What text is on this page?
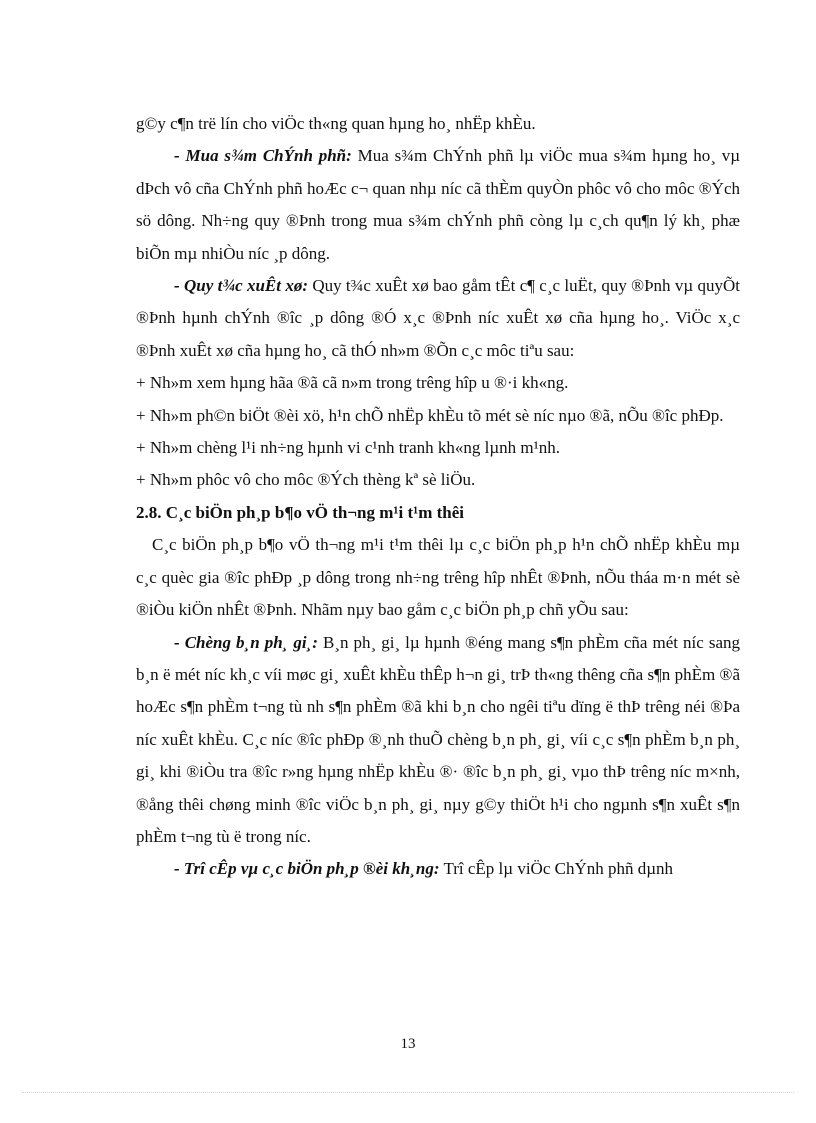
g©y c¶n trë lín cho viÖc th«ng quan hµng ho¸ nhËp khÈu.

- Mua s¾m ChÝnh phñ: Mua s¾m ChÝnh phñ lµ viÖc mua s¾m hµng ho¸ vµ dÞch vô cña ChÝnh phñ hoÆc c¬ quan nhµ níc cã thÈm quyÒn phôc vô cho môc ®Ých sö dông. Nh÷ng quy ®Þnh trong mua s¾m chÝnh phñ còng lµ c¸ch qu¶n lý kh¸ phæ biÕn mµ nhiÒu níc ¸p dông.

- Quy t¾c xuÊt xø: Quy t¾c xuÊt xø bao gåm tÊt c¶ c¸c luËt, quy ®Þnh vµ quyÕt ®Þnh hµnh chÝnh ®îc ¸p dông ®Ó x¸c ®Þnh níc xuÊt xø cña hµng ho¸. ViÖc x¸c ®Þnh xuÊt xø cña hµng ho¸ cã thÓ nh»m ®Õn c¸c môc tiªu sau:

+ Nh»m xem hµng hãa ®ã cã n»m trong trêng hîp u ®·i kh«ng.

+ Nh»m ph©n biÖt ®èi xö, h¹n chÕ nhËp khÈu tõ mét sè níc nµo ®ã, nÕu ®îc phÐp.

+ Nh»m chèng l¹i nh÷ng hµnh vi c¹nh tranh kh«ng lµnh m¹nh.

+ Nh»m phôc vô cho môc ®Ých thèng kª sè liÖu.

2.8. C¸c biÖn ph¸p b¶o vÖ th¬ng m¹i t¹m thêi

C¸c biÖn ph¸p b¶o vÖ th¬ng m¹i t¹m thêi lµ c¸c biÖn ph¸p h¹n chÕ nhËp khÈu mµ c¸c quèc gia ®îc phÐp ¸p dông trong nh÷ng trêng hîp nhÊt ®Þnh, nÕu tháa m·n mét sè ®iÒu kiÖn nhÊt ®Þnh. Nhãm nµy bao gåm c¸c biÖn ph¸p chñ yÕu sau:

- Chèng b¸n ph¸ gi¸: B¸n ph¸ gi¸ lµ hµnh ®éng mang s¶n phÈm cña mét níc sang b¸n ë mét níc kh¸c víi møc gi¸ xuÊt khÈu thÊp h¬n gi¸ trÞ th«ng thêng cña s¶n phÈm ®ã hoÆc s¶n phÈm t¬ng tù nh s¶n phÈm ®ã khi b¸n cho ngêi tiªu dïng ë thÞ trêng néi ®Þa níc xuÊt khÈu. C¸c níc ®îc phÐp ®¸nh thuÕ chèng b¸n ph¸ gi¸ víi c¸c s¶n phÈm b¸n ph¸ gi¸ khi ®iÒu tra ®îc r»ng hµng nhËp khÈu ®· ®îc b¸n ph¸ gi¸ vµo thÞ trêng níc m×nh, ®ång thêi chøng minh ®îc viÖc b¸n ph¸ gi¸ nµy g©y thiÖt h¹i cho ngµnh s¶n xuÊt s¶n phÈm t¬ng tù ë trong níc.

- Trî cÊp vµ c¸c biÖn ph¸p ®èi kh¸ng: Trî cÊp lµ viÖc ChÝnh phñ dµnh

13
